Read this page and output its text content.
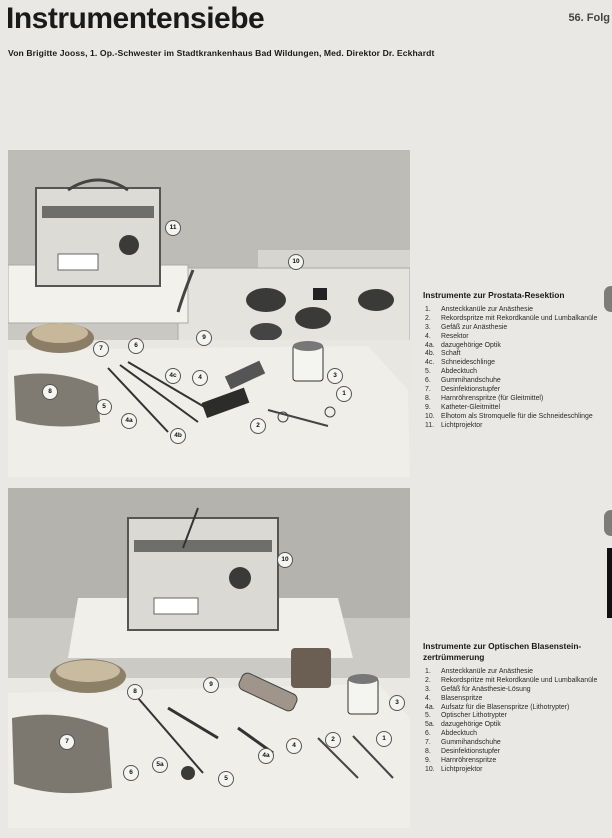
Instrumentensiebe	56. Folg

Von Brigitte Jooss, 1. Op.-Schwester im Stadtkrankenhaus Bad Wildungen, Med. Direktor Dr. Eckhardt

11
10
9
8
7
3
6
5
4c	4
4b
4a
2
1
Instrumente zur Prostata-Resektion
1.	Ansteckkanüle zur Anästhesie
2.	Rekordspritze mit Rekordkanüle und Lumbalkanüle
3.	Gefäß zur Anästhesie
4.	Resektor
4a. dazugehörige Optik
4b. Schaft
4c. Schneideschlinge
5.	Abdecktuch
6.	Gummihandschuhe
7.	Desinfektionstupfer
8.	Harnröhrenspritze (für Gleitmittel)
9.	Katheter-Gleitmittel
10. Elhotom als Stromquelle für die Schneideschlinge
11.	Lichtprojektor
10
9
8
7
6
5a
5
4
4a
3
2	1
Instrumente zur Optischen Blasenstein-zertrümmerung
1.	Ansteckkanüle zur Anästhesie
2.	Rekordspritze mit Rekordkanüle und Lumbalkanüle
3.	Gefäß für Anästhesie-Lösung
4.	Blasenspritze
4a. Aufsatz für die Blasenspritze (Lithotrypter)
5.	Optischer Lithotrypter
5a. dazugehörige Optik
6.	Abdecktuch
7.	Gummihandschuhe
8.	Desinfektionstupfer
9.	Harnröhrenspritze
10. Lichtprojektor
